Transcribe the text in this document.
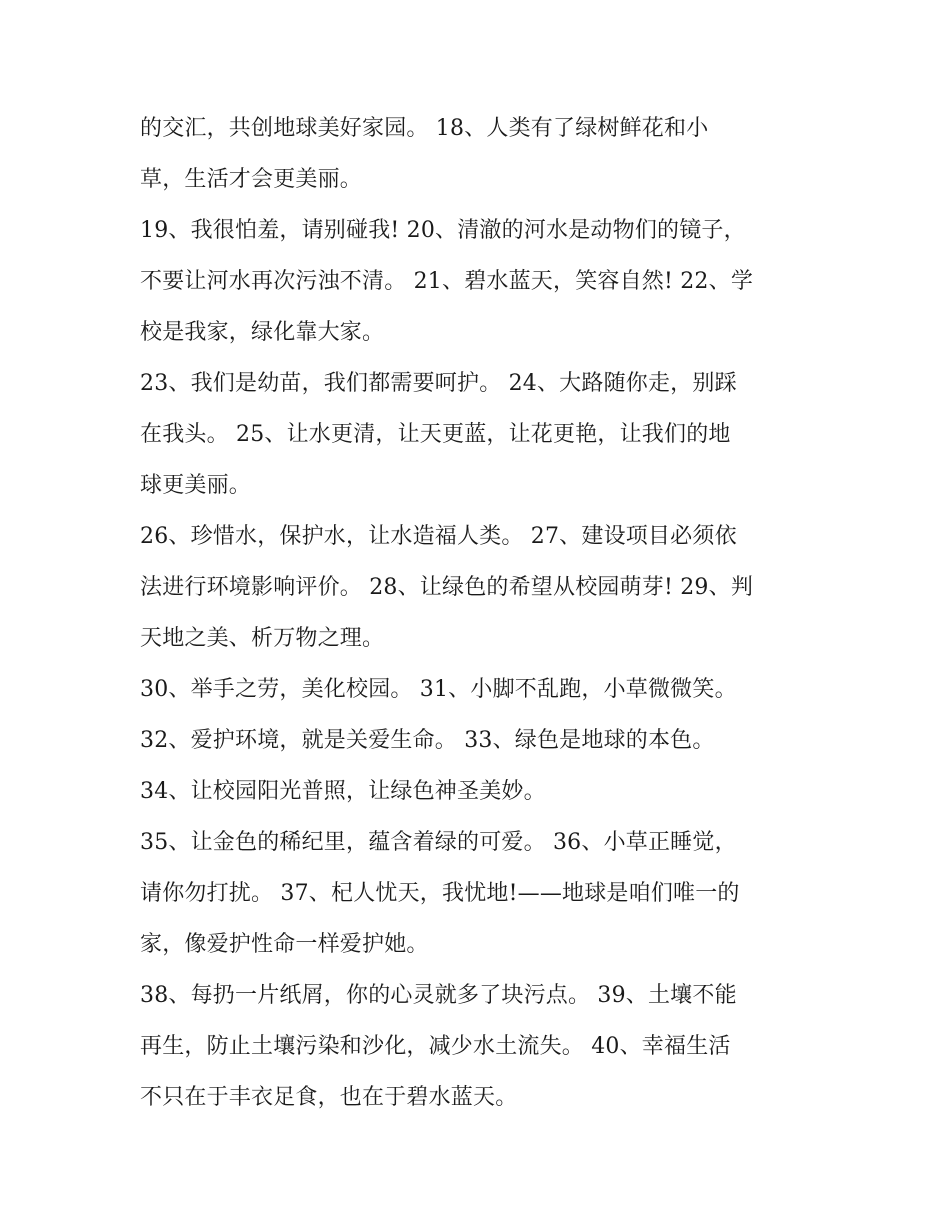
的交汇，共创地球美好家园。 18、人类有了绿树鲜花和小
草，生活才会更美丽。
19、我很怕羞，请别碰我! 20、清澈的河水是动物们的镜子，
不要让河水再次污浊不清。 21、碧水蓝天，笑容自然! 22、学
校是我家，绿化靠大家。
23、我们是幼苗，我们都需要呵护。 24、大路随你走，别踩
在我头。 25、让水更清，让天更蓝，让花更艳，让我们的地
球更美丽。
26、珍惜水，保护水，让水造福人类。 27、建设项目必须依
法进行环境影响评价。 28、让绿色的希望从校园萌芽! 29、判
天地之美、析万物之理。
30、举手之劳，美化校园。 31、小脚不乱跑，小草微微笑。
32、爱护环境，就是关爱生命。 33、绿色是地球的本色。
34、让校园阳光普照，让绿色神圣美妙。
35、让金色的稀纪里，蕴含着绿的可爱。 36、小草正睡觉，
请你勿打扰。 37、杞人忧天，我忧地!——地球是咱们唯一的
家，像爱护性命一样爱护她。
38、每扔一片纸屑，你的心灵就多了块污点。 39、土壤不能
再生，防止土壤污染和沙化，减少水土流失。 40、幸福生活
不只在于丰衣足食，也在于碧水蓝天。
